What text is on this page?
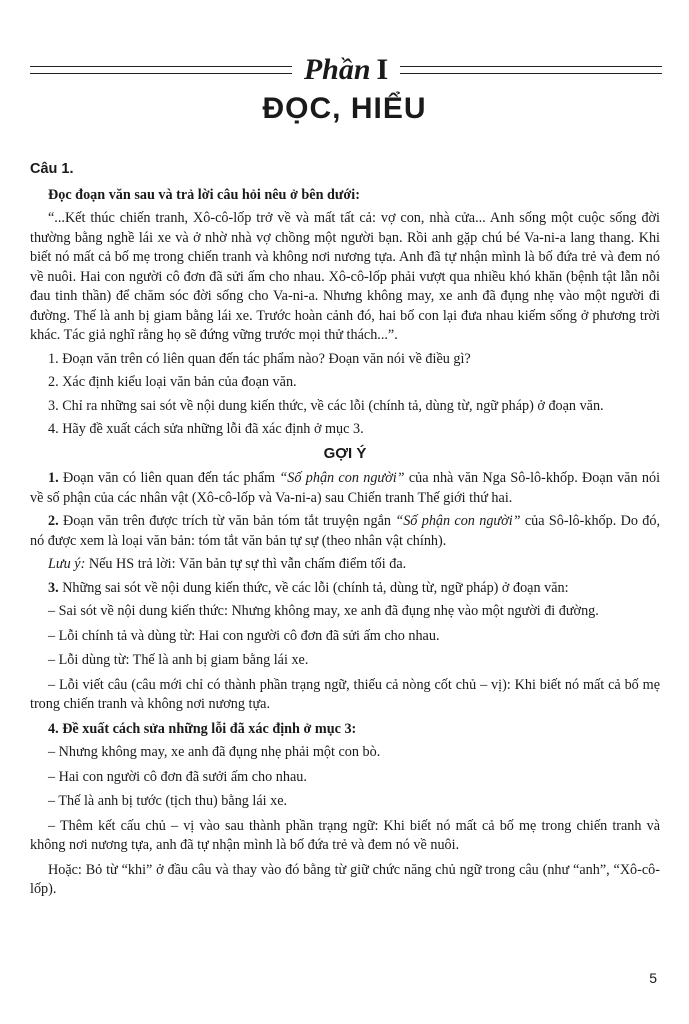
Phần I
ĐỌC, HIỂU
Câu 1.
Đọc đoạn văn sau và trả lời câu hỏi nêu ở bên dưới:
“...Kết thúc chiến tranh, Xô-cô-lốp trở về và mất tất cả: vợ con, nhà cửa... Anh sống một cuộc sống đời thường bằng nghề lái xe và ở nhờ nhà vợ chồng một người bạn. Rồi anh gặp chú bé Va-ni-a lang thang. Khi biết nó mất cả bố mẹ trong chiến tranh và không nơi nương tựa. Anh đã tự nhận mình là bố đứa trẻ và đem nó về nuôi. Hai con người cô đơn đã sửi ấm cho nhau. Xô-cô-lốp phải vượt qua nhiều khó khăn (bệnh tật lẫn nỗi đau tinh thần) để chăm sóc đời sống cho Va-ni-a. Nhưng không may, xe anh đã đụng nhẹ vào một người đi đường. Thế là anh bị giam bằng lái xe. Trước hoàn cảnh đó, hai bố con lại đưa nhau kiếm sống ở phương trời khác. Tác giả nghĩ rằng họ sẽ đứng vững trước mọi thử thách...”.
1. Đoạn văn trên có liên quan đến tác phẩm nào? Đoạn văn nói về điều gì?
2. Xác định kiểu loại văn bản của đoạn văn.
3. Chỉ ra những sai sót về nội dung kiến thức, về các lỗi (chính tả, dùng từ, ngữ pháp) ở đoạn văn.
4. Hãy đề xuất cách sửa những lỗi đã xác định ở mục 3.
GỢI Ý
1. Đoạn văn có liên quan đến tác phẩm “Số phận con người” của nhà văn Nga Sô-lô-khốp. Đoạn văn nói về số phận của các nhân vật (Xô-cô-lốp và Va-ni-a) sau Chiến tranh Thế giới thứ hai.
2. Đoạn văn trên được trích từ văn bản tóm tắt truyện ngắn “Số phận con người” của Sô-lô-khốp. Do đó, nó được xem là loại văn bản: tóm tắt văn bản tự sự (theo nhân vật chính).
Lưu ý: Nếu HS trả lời: Văn bản tự sự thì vẫn chấm điểm tối đa.
3. Những sai sót về nội dung kiến thức, về các lỗi (chính tả, dùng từ, ngữ pháp) ở đoạn văn:
– Sai sót về nội dung kiến thức: Nhưng không may, xe anh đã đụng nhẹ vào một người đi đường.
– Lỗi chính tả và dùng từ: Hai con người cô đơn đã sửi ấm cho nhau.
– Lỗi dùng từ: Thế là anh bị giam bằng lái xe.
– Lỗi viết câu (câu mới chỉ có thành phần trạng ngữ, thiếu cả nòng cốt chủ – vị): Khi biết nó mất cả bố mẹ trong chiến tranh và không nơi nương tựa.
4. Đề xuất cách sửa những lỗi đã xác định ở mục 3:
– Nhưng không may, xe anh đã đụng nhẹ phải một con bò.
– Hai con người cô đơn đã sưởi ấm cho nhau.
– Thế là anh bị tước (tịch thu) bằng lái xe.
– Thêm kết cấu chủ – vị vào sau thành phần trạng ngữ: Khi biết nó mất cả bố mẹ trong chiến tranh và không nơi nương tựa, anh đã tự nhận mình là bố đứa trẻ và đem nó về nuôi.
Hoặc: Bỏ từ “khi” ở đầu câu và thay vào đó bằng từ giữ chức năng chủ ngữ trong câu (như “anh”, “Xô-cô-lốp).
5
